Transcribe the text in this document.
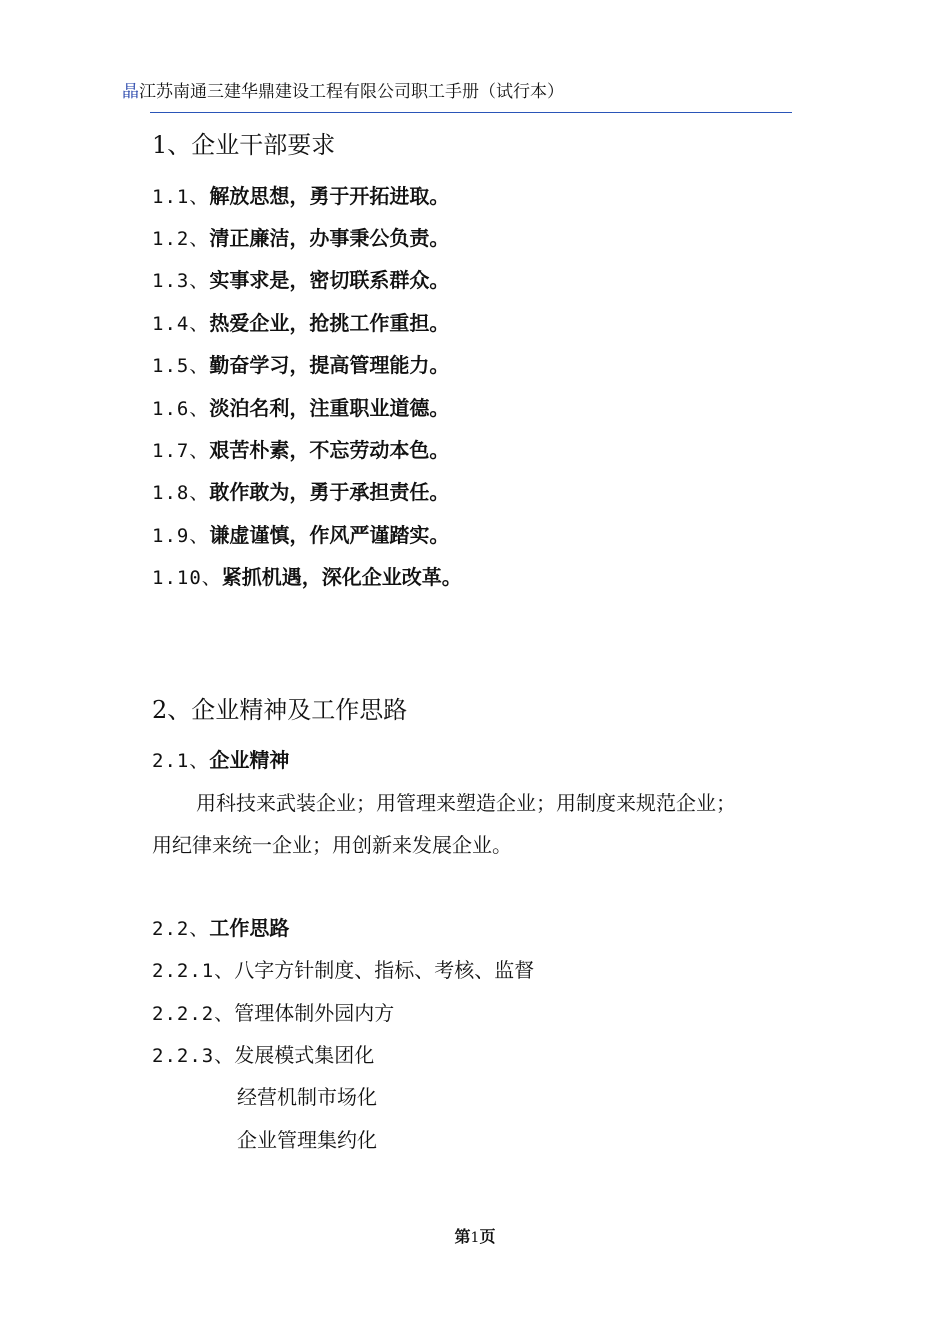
晶江苏南通三建华鼎建设工程有限公司职工手册（试行本）
1、企业干部要求
1.1、解放思想，勇于开拓进取。
1.2、清正廉洁，办事秉公负责。
1.3、实事求是，密切联系群众。
1.4、热爱企业，抢挑工作重担。
1.5、勤奋学习，提高管理能力。
1.6、淡泊名利，注重职业道德。
1.7、艰苦朴素，不忘劳动本色。
1.8、敢作敢为，勇于承担责任。
1.9、谦虚谨慎，作风严谨踏实。
1.10、紧抓机遇，深化企业改革。
2、企业精神及工作思路
2.1、企业精神
用科技来武装企业；用管理来塑造企业；用制度来规范企业；
用纪律来统一企业；用创新来发展企业。
2.2、工作思路
2.2.1、八字方针制度、指标、考核、监督
2.2.2、管理体制外园内方
2.2.3、发展模式集团化
经营机制市场化
企业管理集约化
第1页
